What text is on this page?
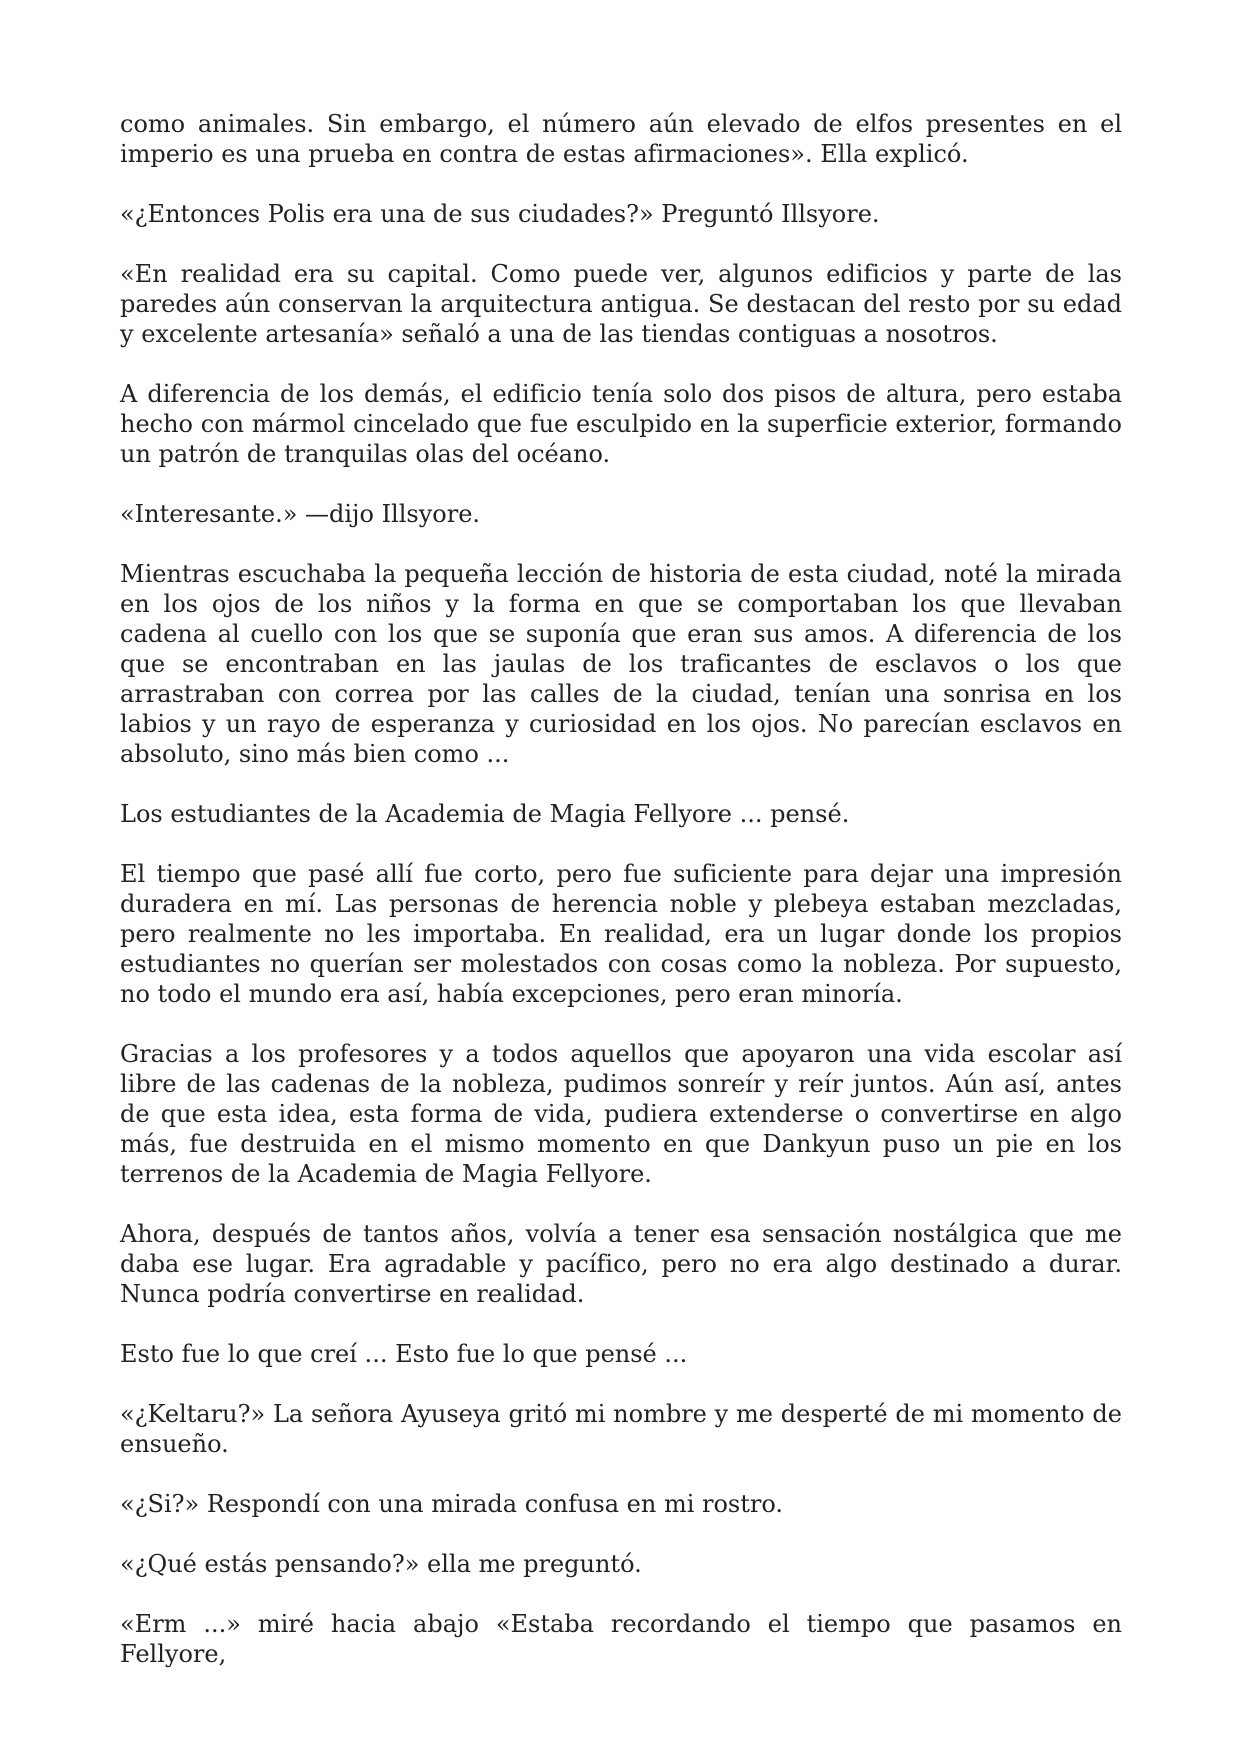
como animales. Sin embargo, el número aún elevado de elfos presentes en el imperio es una prueba en contra de estas afirmaciones». Ella explicó.

«¿Entonces Polis era una de sus ciudades?» Preguntó Illsyore.

«En realidad era su capital. Como puede ver, algunos edificios y parte de las paredes aún conservan la arquitectura antigua. Se destacan del resto por su edad y excelente artesanía» señaló a una de las tiendas contiguas a nosotros.

A diferencia de los demás, el edificio tenía solo dos pisos de altura, pero estaba hecho con mármol cincelado que fue esculpido en la superficie exterior, formando un patrón de tranquilas olas del océano.

«Interesante.» —dijo Illsyore.

Mientras escuchaba la pequeña lección de historia de esta ciudad, noté la mirada en los ojos de los niños y la forma en que se comportaban los que llevaban cadena al cuello con los que se suponía que eran sus amos. A diferencia de los que se encontraban en las jaulas de los traficantes de esclavos o los que arrastraban con correa por las calles de la ciudad, tenían una sonrisa en los labios y un rayo de esperanza y curiosidad en los ojos. No parecían esclavos en absoluto, sino más bien como ...

Los estudiantes de la Academia de Magia Fellyore ... pensé.

El tiempo que pasé allí fue corto, pero fue suficiente para dejar una impresión duradera en mí. Las personas de herencia noble y plebeya estaban mezcladas, pero realmente no les importaba. En realidad, era un lugar donde los propios estudiantes no querían ser molestados con cosas como la nobleza. Por supuesto, no todo el mundo era así, había excepciones, pero eran minoría.

Gracias a los profesores y a todos aquellos que apoyaron una vida escolar así libre de las cadenas de la nobleza, pudimos sonreír y reír juntos. Aún así, antes de que esta idea, esta forma de vida, pudiera extenderse o convertirse en algo más, fue destruida en el mismo momento en que Dankyun puso un pie en los terrenos de la Academia de Magia Fellyore.

Ahora, después de tantos años, volvía a tener esa sensación nostálgica que me daba ese lugar. Era agradable y pacífico, pero no era algo destinado a durar. Nunca podría convertirse en realidad.

Esto fue lo que creí ... Esto fue lo que pensé ...

«¿Keltaru?» La señora Ayuseya gritó mi nombre y me desperté de mi momento de ensueño.

«¿Si?» Respondí con una mirada confusa en mi rostro.

«¿Qué estás pensando?» ella me preguntó.

«Erm ...» miré hacia abajo «Estaba recordando el tiempo que pasamos en Fellyore,
